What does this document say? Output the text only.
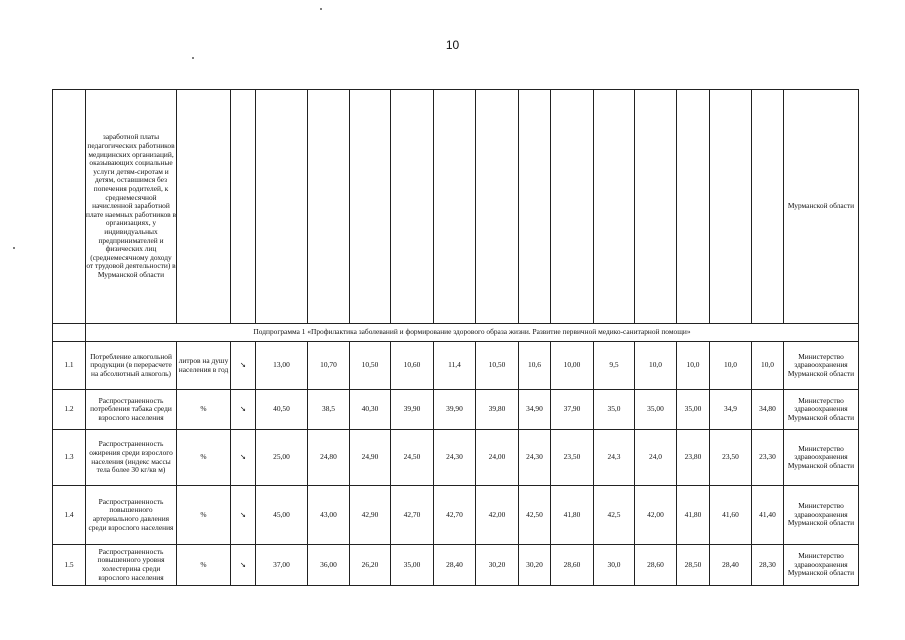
10
	заработной платы педагогических работников медицинских организаций, оказывающих социальные услуги детям-сиротам и детям, оставшимся без попечения родителей, к среднемесячной начисленной заработной плате наемных работников в организациях, у индивидуальных предпринимателей и физических лиц (среднемесячному доходу от трудовой деятельности) в Мурманской области																Мурманской области
	Подпрограмма 1 «Профилактика заболеваний и формирование здорового образа жизни. Развитие первичной медико-санитарной помощи»																
1.1	Потребление алкогольной продукции (в перерасчете на абсолютный алкоголь)	литров на душу населения в год	↘	13,00	10,70	10,50	10,60	11,4	10,50	10,6	10,00	9,5	10,0	10,0	10,0	10,0	Министерство здравоохранения Мурманской области
1.2	Распространенность потребления табака среди взрослого населения	%	↘	40,50	38,5	40,30	39,90	39,90	39,80	34,90	37,90	35,0	35,00	35,00	34,9	34,80	Министерство здравоохранения Мурманской области
1.3	Распространенность ожирения среди взрослого населения (индекс массы тела более 30 кг/кв м)	%	↘	25,00	24,80	24,90	24,50	24,30	24,00	24,30	23,50	24,3	24,0	23,80	23,50	23,30	Министерство здравоохранения Мурманской области
1.4	Распространенность повышенного артериального давления среди взрослого населения	%	↘	45,00	43,00	42,90	42,70	42,70	42,00	42,50	41,80	42,5	42,00	41,80	41,60	41,40	Министерство здравоохранения Мурманской области
1.5	Распространенность повышенного уровня холестерина среди взрослого населения	%	↘	37,00	36,00	26,20	35,00	28,40	30,20	30,20	28,60	30,0	28,60	28,50	28,40	28,30	Министерство здравоохранения Мурманской области
